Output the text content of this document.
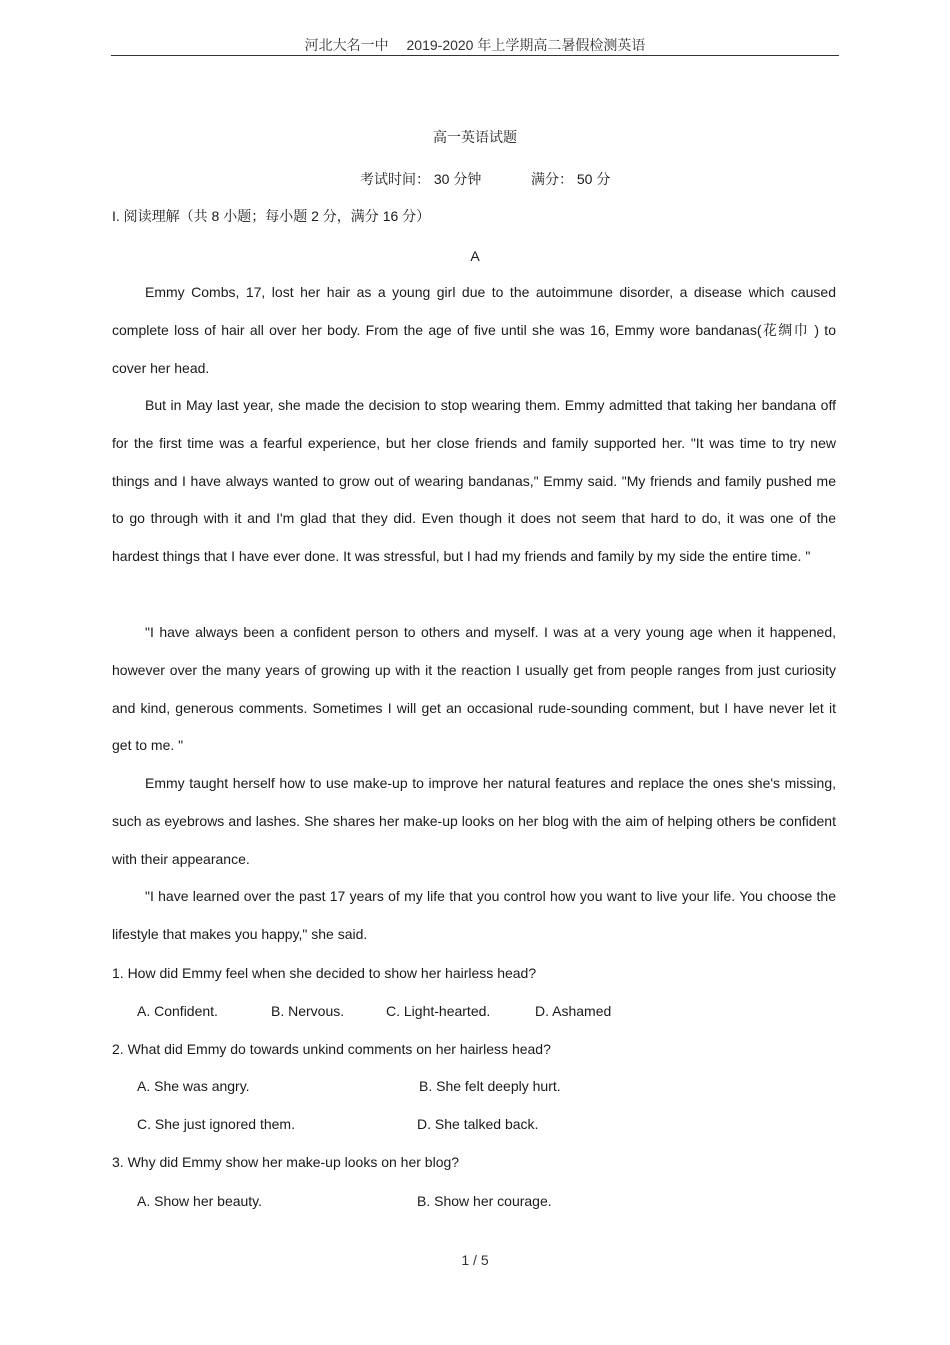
河北大名一中　 2019-2020 年上学期高二暑假检测英语
高一英语试题
考试时间： 30 分钟	满分： 50 分
I. 阅读理解（共 8 小题；每小题 2 分，满分 16 分）
A
Emmy Combs, 17, lost her hair as a young girl due to the autoimmune disorder, a disease which caused complete loss of hair all over her body. From the age of five until she was 16, Emmy wore bandanas(花绸巾 ) to cover her head.
But in May last year, she made the decision to stop wearing them. Emmy admitted that taking her bandana off for the first time was a fearful experience, but her close friends and family supported her. "It was time to try new things and I have always wanted to grow out of wearing bandanas," Emmy said. "My friends and family pushed me to go through with it and I'm glad that they did. Even though it does not seem that hard to do, it was one of the hardest things that I have ever done. It was stressful, but I had my friends and family by my side the entire time. "
"I have always been a confident person to others and myself. I was at a very young age when it happened, however over the many years of growing up with it the reaction I usually get from people ranges from just curiosity and kind, generous comments. Sometimes I will get an occasional rude-sounding comment, but I have never let it get to me. "
Emmy taught herself how to use make-up to improve her natural features and replace the ones she's missing, such as eyebrows and lashes. She shares her make-up looks on her blog with the aim of helping others be confident with their appearance.
"I have learned over the past 17 years of my life that you control how you want to live your life. You choose the lifestyle that makes you happy," she said.
1. How did Emmy feel when she decided to show her hairless head?
A. Confident.	B. Nervous.	C. Light-hearted.	D. Ashamed
2. What did Emmy do towards unkind comments on her hairless head?
A. She was angry.	B. She felt deeply hurt.
C. She just ignored them.	D. She talked back.
3. Why did Emmy show her make-up looks on her blog?
A. Show her beauty.	B. Show her courage.
1 / 5
